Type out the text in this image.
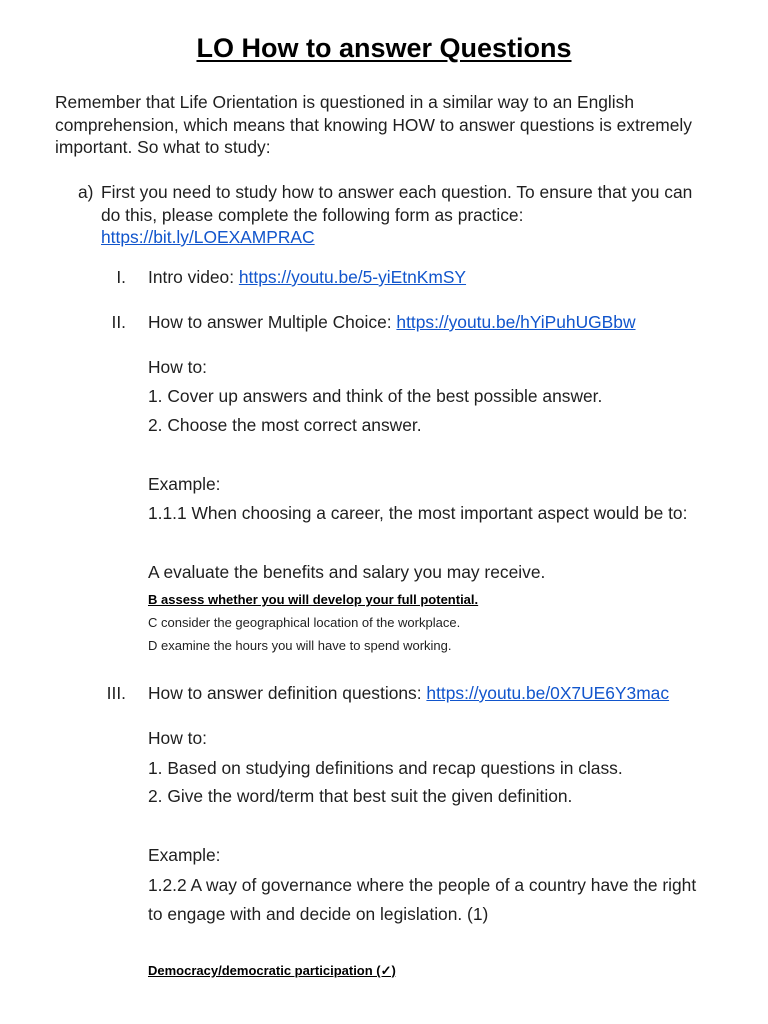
LO How to answer Questions
Remember that Life Orientation is questioned in a similar way to an English
comprehension, which means that knowing HOW to answer questions is extremely
important. So what to study:
a) First you need to study how to answer each question. To ensure that you can
do this, please complete the following form as practice:
https://bit.ly/LOEXAMPRAC
I. Intro video: https://youtu.be/5-yiEtnKmSY
II. How to answer Multiple Choice: https://youtu.be/hYiPuhUGBbw
How to:
1. Cover up answers and think of the best possible answer.
2. Choose the most correct answer.
Example:
1.1.1 When choosing a career, the most important aspect would be to:
A evaluate the benefits and salary you may receive.
B assess whether you will develop your full potential.
C consider the geographical location of the workplace.
D examine the hours you will have to spend working.
III. How to answer definition questions: https://youtu.be/0X7UE6Y3mac
How to:
1. Based on studying definitions and recap questions in class.
2. Give the word/term that best suit the given definition.
Example:
1.2.2 A way of governance where the people of a country have the right
to engage with and decide on legislation. (1)
Democracy/democratic participation (✓)
